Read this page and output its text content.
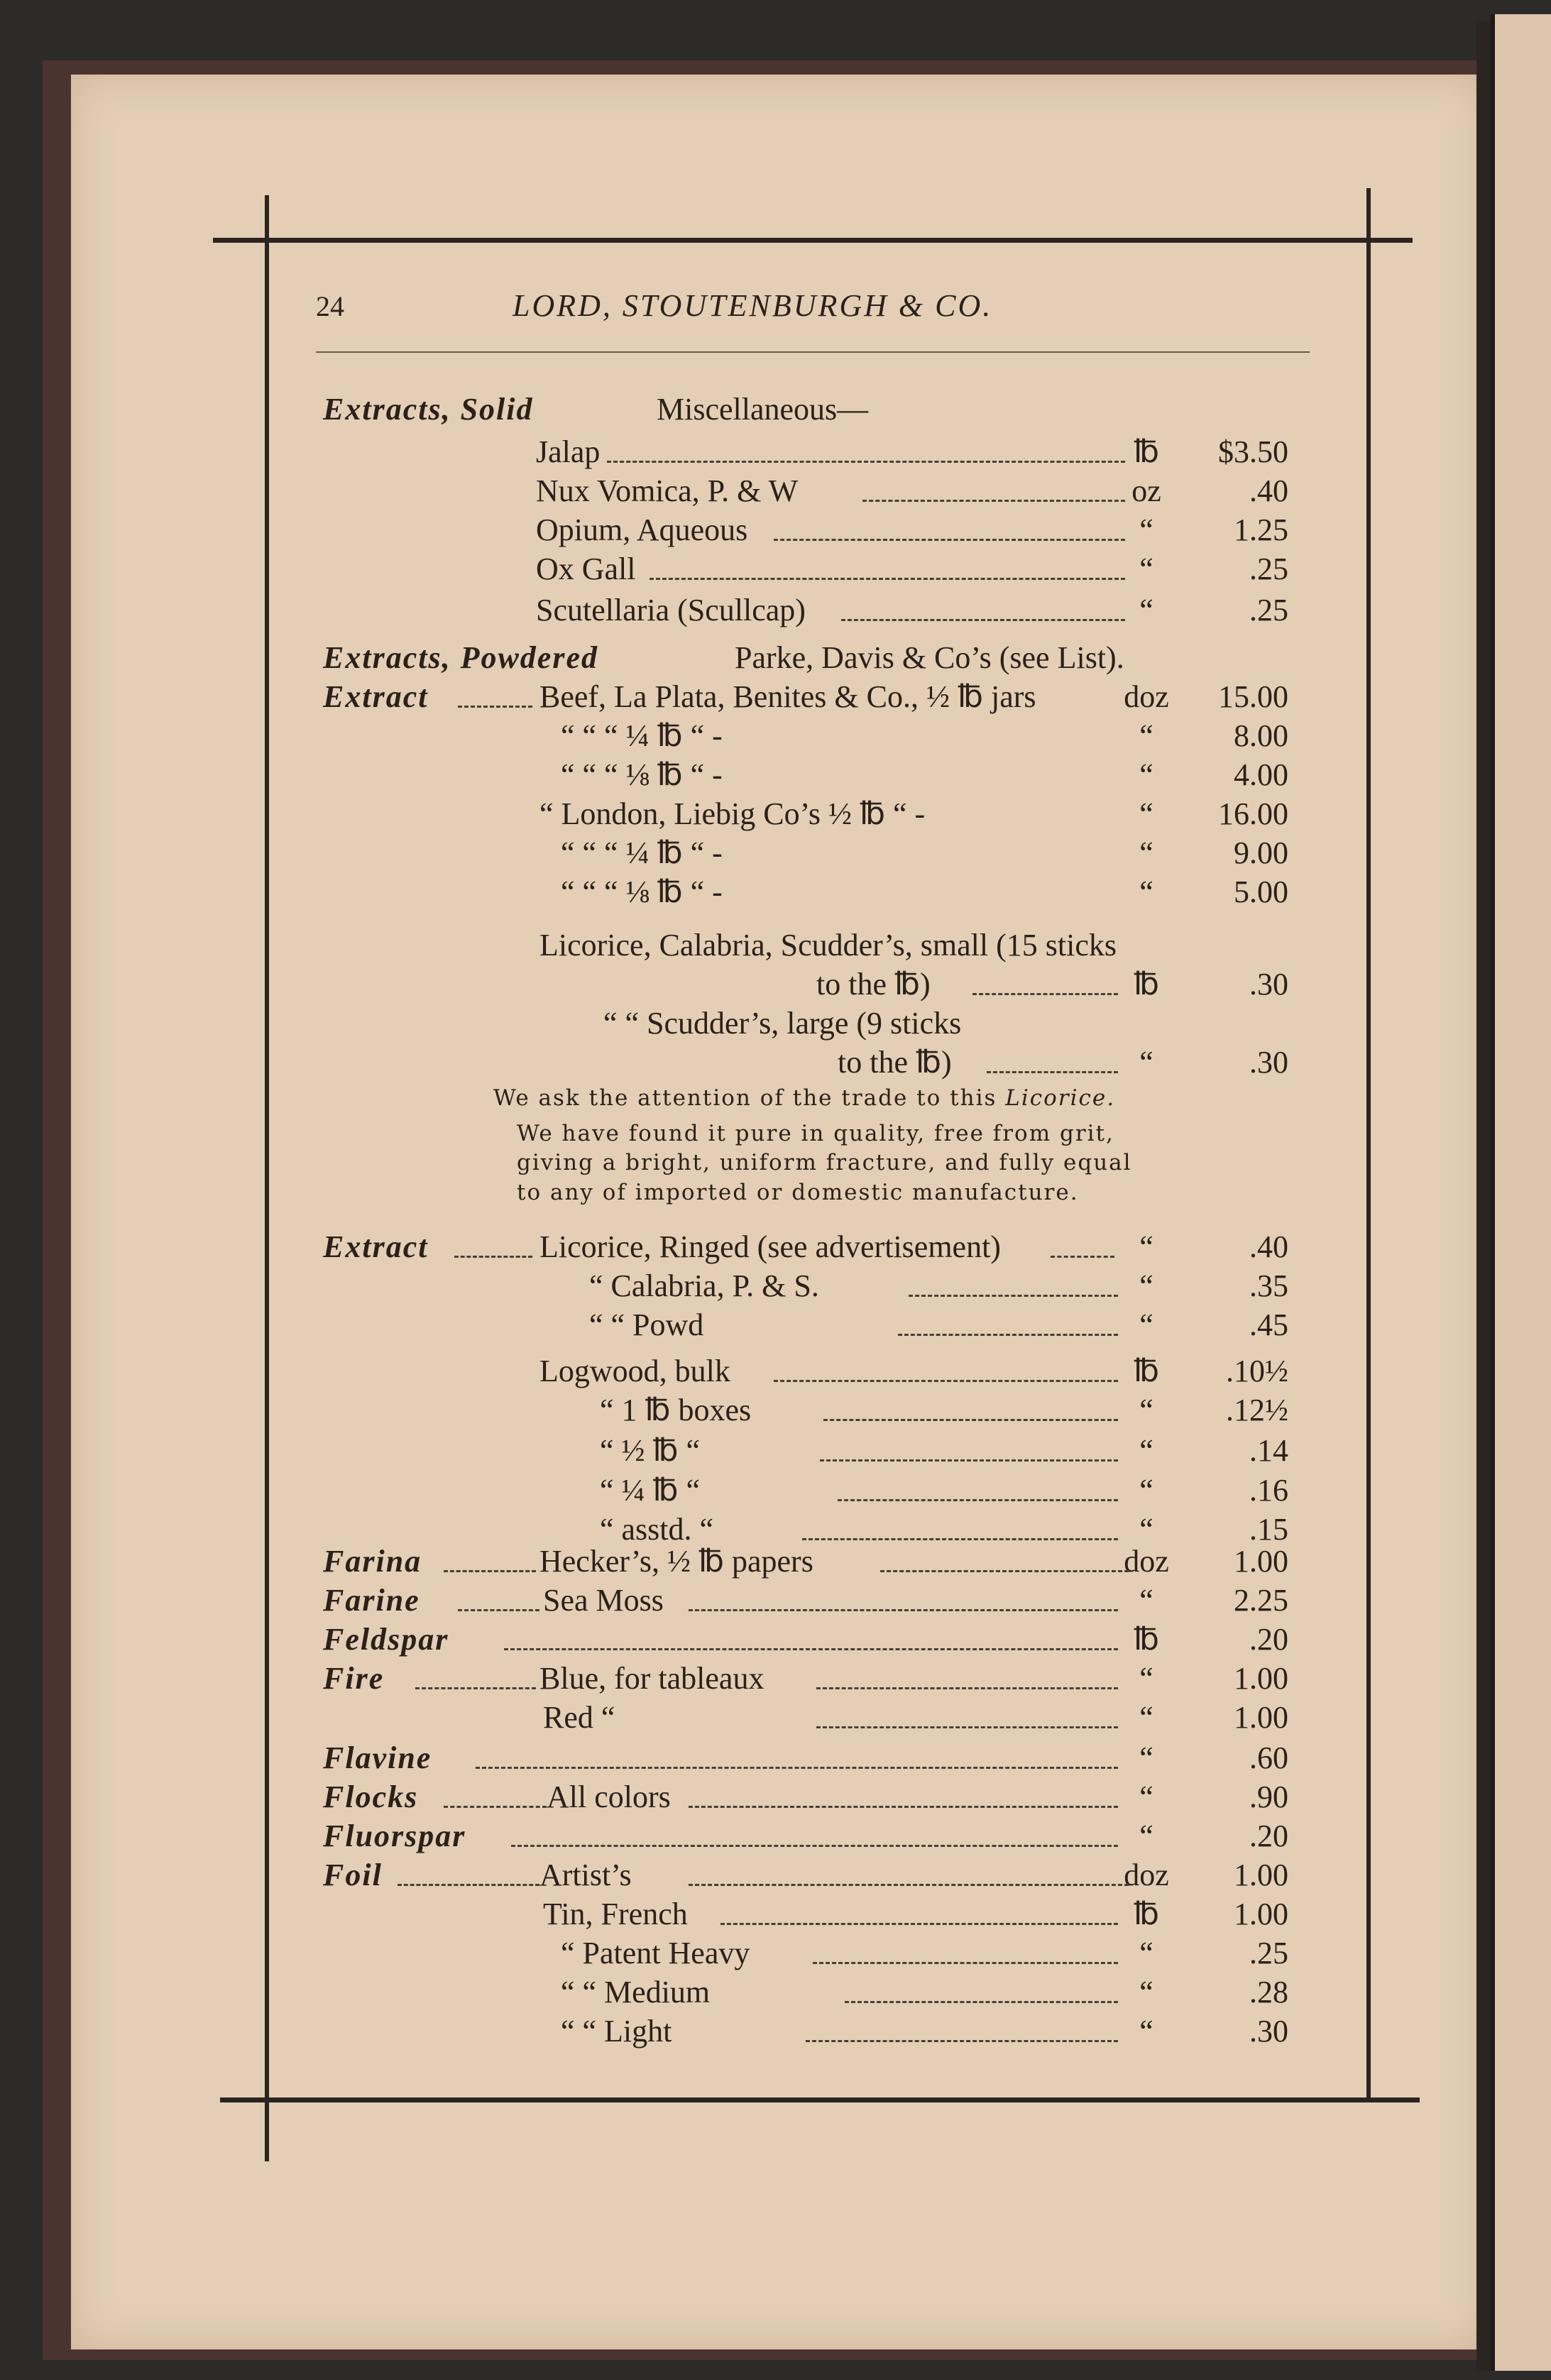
24	LORD, STOUTENBURGH & CO.
Extracts, Solid	Miscellaneous—
Jalap	℔	$3.50
Nux Vomica, P. & W	oz	.40
Opium, Aqueous	“	1.25
Ox Gall	“	.25
Scutellaria (Scullcap)	“	.25
Extracts, Powdered	Parke, Davis & Co’s (see List).
Extract	Beef, La Plata, Benites & Co., ½ ℔ jars	doz	15.00
“ “ “ ¼ ℔ “ -	“	8.00
“ “ “ ⅛ ℔ “ -	“	4.00
“ London, Liebig Co’s ½ ℔ “ -	“	16.00
“ “ “ ¼ ℔ “ -	“	9.00
“ “ “ ⅛ ℔ “ -	“	5.00
Licorice, Calabria, Scudder’s, small (15 sticks
to the ℔)	℔	.30
“ “ Scudder’s, large (9 sticks
to the ℔)	“	.30
Extract	Licorice, Ringed (see advertisement)	“	.40
“ Calabria, P. & S.	“	.35
“ “ Powd	“	.45
Logwood, bulk	℔	.10½
“ 1 ℔ boxes	“	.12½
“ ½ ℔ “	“	.14
“ ¼ ℔ “	“	.16
“ asstd. “	“	.15
Farina	Hecker’s, ½ ℔ papers	doz	1.00
Farine	Sea Moss	“	2.25
Feldspar	℔	.20
Fire	Blue, for tableaux	“	1.00
Red “	“	1.00
Flavine	“	.60
Flocks	All colors	“	.90
Fluorspar	“	.20
Foil	Artist’s	doz	1.00
Tin, French	℔	1.00
“ Patent Heavy	“	.25
“ “ Medium	“	.28
“ “ Light	“	.30
We ask the attention of the trade to this Licorice.
We have found it pure in quality, free from grit,
giving a bright, uniform fracture, and fully equal
to any of imported or domestic manufacture.
